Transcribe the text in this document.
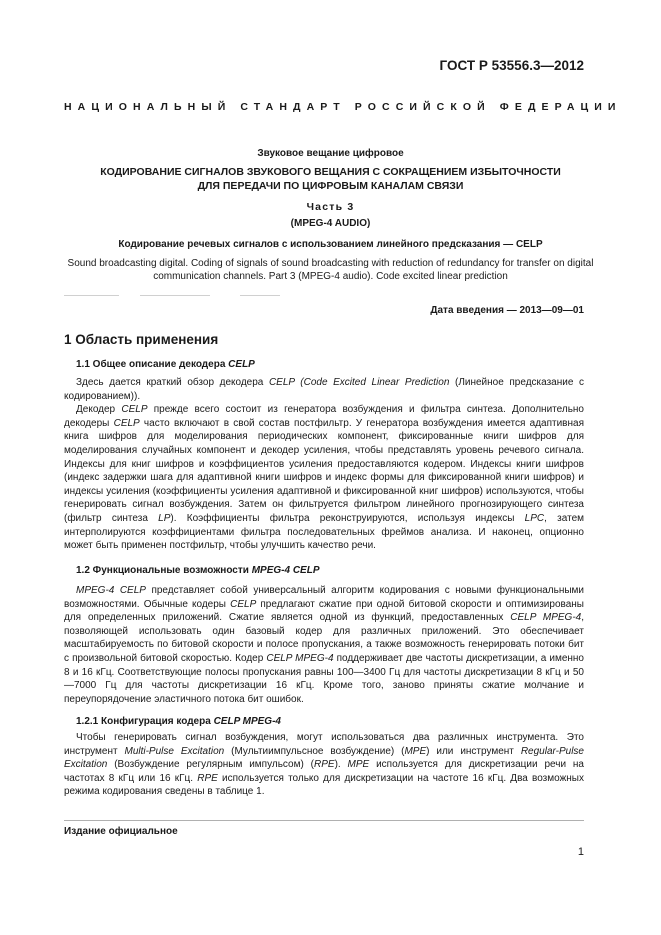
ГОСТ Р 53556.3—2012
НАЦИОНАЛЬНЫЙ СТАНДАРТ РОССИЙСКОЙ ФЕДЕРАЦИИ
Звуковое вещание цифровое
КОДИРОВАНИЕ СИГНАЛОВ ЗВУКОВОГО ВЕЩАНИЯ С СОКРАЩЕНИЕМ ИЗБЫТОЧНОСТИ
ДЛЯ ПЕРЕДАЧИ ПО ЦИФРОВЫМ КАНАЛАМ СВЯЗИ
Часть 3
(MPEG-4 AUDIO)
Кодирование речевых сигналов с использованием линейного предсказания — CELP
Sound broadcasting digital. Coding of signals of sound broadcasting with reduction of redundancy for transfer on digital communication channels. Part 3 (MPEG-4 audio). Code excited linear prediction
Дата введения — 2013—09—01
1 Область применения
1.1 Общее описание декодера CELP

Здесь дается краткий обзор декодера CELP (Code Excited Linear Prediction (Линейное предсказание с кодированием)).

Декодер CELP прежде всего состоит из генератора возбуждения и фильтра синтеза. Дополнительно декодеры CELP часто включают в свой состав постфильтр. У генератора возбуждения имеется адаптивная книга шифров для моделирования периодических компонент, фиксированные книги шифров для моделирования случайных компонент и декодер усиления, чтобы представлять уровень речевого сигнала. Индексы для книг шифров и коэффициентов усиления предоставляются кодером. Индексы книги шифров (индекс задержки шага для адаптивной книги шифров и индекс формы для фиксированной книги шифров) и индексы усиления (коэффициенты усиления адаптивной и фиксированной книг шифров) используются, чтобы генерировать сигнал возбуждения. Затем он фильтруется фильтром линейного прогнозирующего синтеза (фильтр синтеза LP). Коэффициенты фильтра реконструируются, используя индексы LPC, затем интерполируются коэффициентами фильтра последовательных фреймов анализа. И наконец, опционно может быть применен постфильтр, чтобы улучшить качество речи.

1.2 Функциональные возможности MPEG-4 CELP

MPEG-4 CELP представляет собой универсальный алгоритм кодирования с новыми функциональными возможностями. Обычные кодеры CELP предлагают сжатие при одной битовой скорости и оптимизированы для определенных приложений. Сжатие является одной из функций, предоставленных CELP MPEG-4, позволяющей использовать один базовый кодер для различных приложений. Это обеспечивает масштабируемость по битовой скорости и полосе пропускания, а также возможность генерировать потоки бит с произвольной битовой скоростью. Кодер CELP MPEG-4 поддерживает две частоты дискретизации, а именно 8 и 16 кГц. Соответствующие полосы пропускания равны 100—3400 Гц для частоты дискретизации 8 кГц и 50—7000 Гц для частоты дискретизации 16 кГц. Кроме того, заново приняты сжатие молчание и переупорядочение эластичного потока бит ошибок.

1.2.1 Конфигурация кодера CELP MPEG-4

Чтобы генерировать сигнал возбуждения, могут использоваться два различных инструмента. Это инструмент Multi-Pulse Excitation (Мультиимпульсное возбуждение) (MPE) или инструмент Regular-Pulse Excitation (Возбуждение регулярным импульсом) (RPE). MPE используется для дискретизации речи на частотах 8 кГц или 16 кГц. RPE используется только для дискретизации на частоте 16 кГц. Два возможных режима кодирования сведены в таблице 1.

Издание официальное
1
